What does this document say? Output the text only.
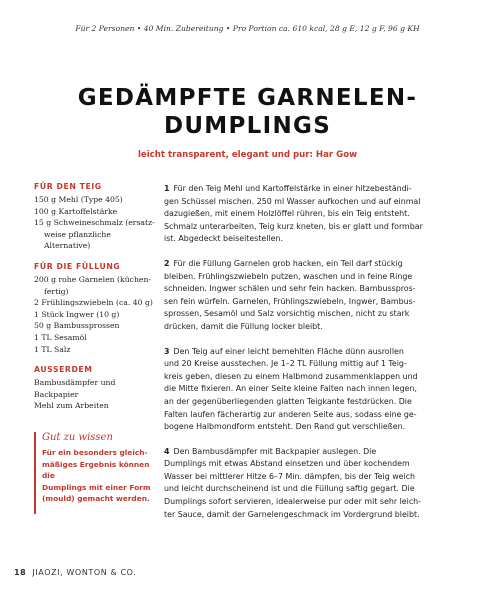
Für 2 Personen • 40 Min. Zubereitung • Pro Portion ca. 610 kcal, 28 g E, 12 g F, 96 g KH
GEDÄMPFTE GARNELEN-
DUMPLINGS
leicht transparent, elegant und pur: Har Gow
FÜR DEN TEIG
150 g Mehl (Type 405)
100 g Kartoffelstärke
15 g Schweineschmalz (ersatz-
weise pflanzliche Alternative)
FÜR DIE FÜLLUNG
200 g rohe Garnelen (küchen-
fertig)
2 Frühlingszwiebeln (ca. 40 g)
1 Stück Ingwer (10 g)
50 g Bambussprossen
1 TL Sesamöl
1 TL Salz
AUSSERDEM
Bambusdämpfer und Backpapier
Mehl zum Arbeiten
Gut zu wissen
Für ein besonders gleich-
mäßiges Ergebnis können die
Dumplings mit einer Form
(mould) gemacht werden.
1 Für den Teig Mehl und Kartoffelstärke in einer hitzebeständi-
gen Schüssel mischen. 250 ml Wasser aufkochen und auf einmal
dazugießen, mit einem Holzlöffel rühren, bis ein Teig entsteht.
Schmalz unterarbeiten, Teig kurz kneten, bis er glatt und formbar
ist. Abgedeckt beiseitestellen.
2 Für die Füllung Garnelen grob hacken, ein Teil darf stückig
bleiben. Frühlingszwiebeln putzen, waschen und in feine Ringe
schneiden. Ingwer schälen und sehr fein hacken. Bambusspros-
sen fein würfeln. Garnelen, Frühlingszwiebeln, Ingwer, Bambus-
sprossen, Sesamöl und Salz vorsichtig mischen, nicht zu stark
drücken, damit die Füllung locker bleibt.
3 Den Teig auf einer leicht bemehlten Fläche dünn ausrollen
und 20 Kreise ausstechen. Je 1–2 TL Füllung mittig auf 1 Teig-
kreis geben, diesen zu einem Halbmond zusammenklappen und
die Mitte fixieren. An einer Seite kleine Falten nach innen legen,
an der gegenüberliegenden glatten Teigkante festdrücken. Die
Falten laufen fächerartig zur anderen Seite aus, sodass eine ge-
bogene Halbmondform entsteht. Den Rand gut verschließen.
4 Den Bambusdämpfer mit Backpapier auslegen. Die
Dumplings mit etwas Abstand einsetzen und über kochendem
Wasser bei mittlerer Hitze 6–7 Min. dämpfen, bis der Teig weich
und leicht durchscheinend ist und die Füllung saftig gegart. Die
Dumplings sofort servieren, idealerweise pur oder mit sehr leich-
ter Sauce, damit der Garnelengeschmack im Vordergrund bleibt.
18 JIAOZI, WONTON & CO.
